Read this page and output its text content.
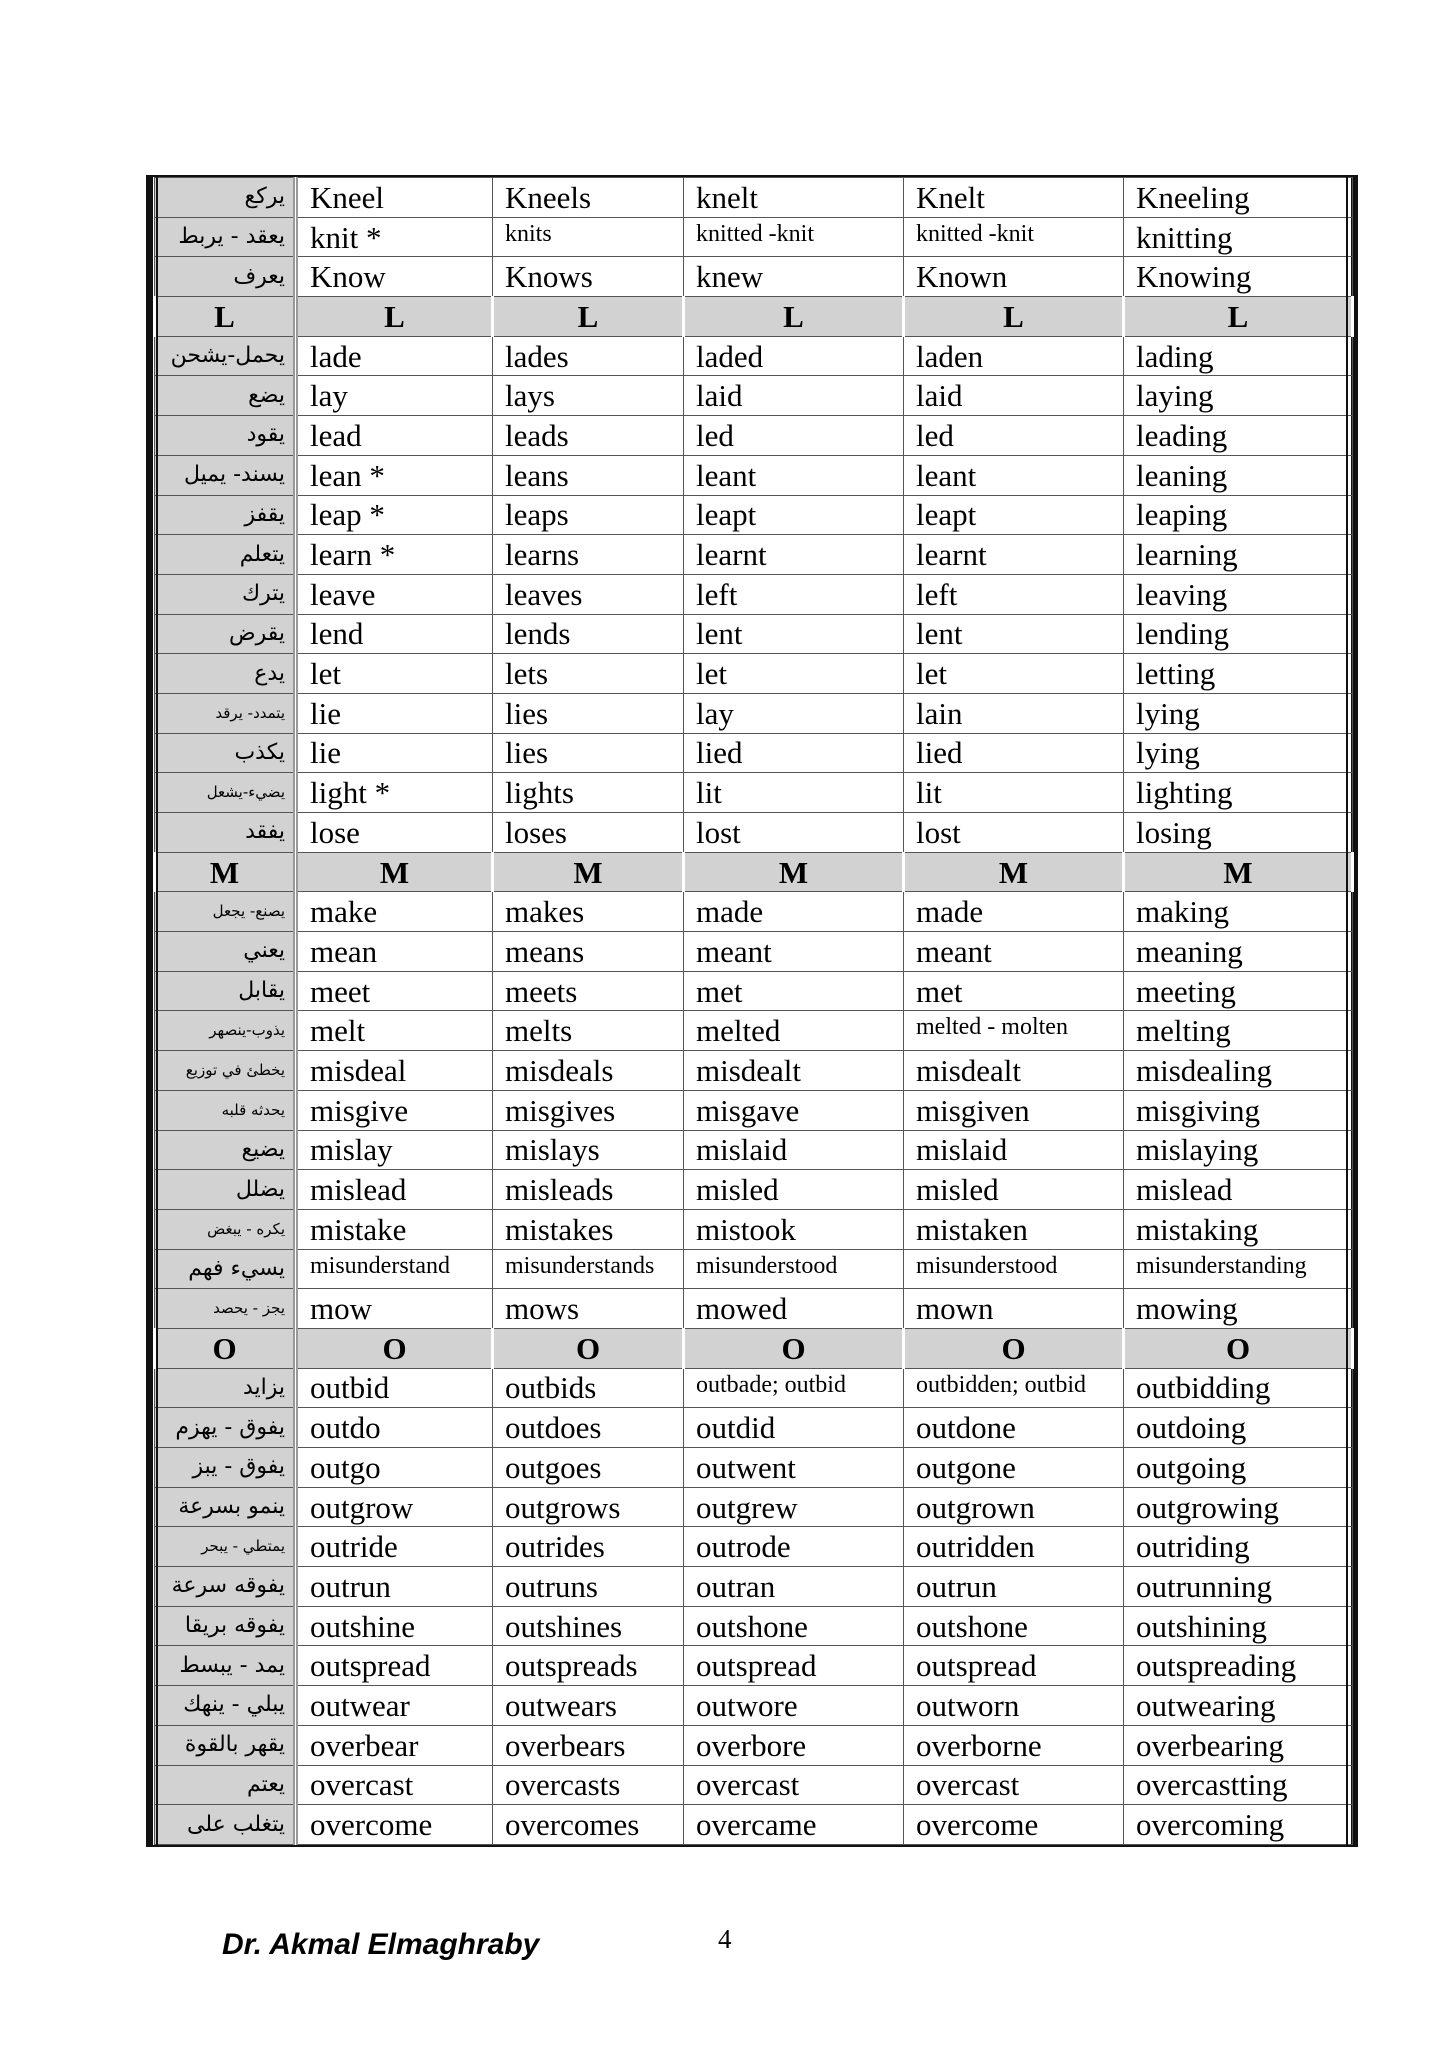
يركع	Kneel	Kneels	knelt	Knelt	Kneeling
يعقد - يربط	knit *	knits	knitted -knit	knitted -knit	knitting
يعرف	Know	Knows	knew	Known	Knowing
L	L	L	L	L	L
يحمل-يشحن	lade	lades	laded	laden	lading
يضع	lay	lays	laid	laid	laying
يقود	lead	leads	led	led	leading
يسند- يميل	lean *	leans	leant	leant	leaning
يقفز	leap *	leaps	leapt	leapt	leaping
يتعلم	learn *	learns	learnt	learnt	learning
يترك	leave	leaves	left	left	leaving
يقرض	lend	lends	lent	lent	lending
يدع	let	lets	let	let	letting
يتمدد- يرقد	lie	lies	lay	lain	lying
يكذب	lie	lies	lied	lied	lying
يضيء-يشعل	light *	lights	lit	lit	lighting
يفقد	lose	loses	lost	lost	losing
M	M	M	M	M	M
يصنع- يجعل	make	makes	made	made	making
يعني	mean	means	meant	meant	meaning
يقابل	meet	meets	met	met	meeting
يذوب-ينصهر	melt	melts	melted	melted - molten	melting
يخطئ في توزيع	misdeal	misdeals	misdealt	misdealt	misdealing
يحدثه قلبه	misgive	misgives	misgave	misgiven	misgiving
يضيع	mislay	mislays	mislaid	mislaid	mislaying
يضلل	mislead	misleads	misled	misled	mislead
يكره - يبغض	mistake	mistakes	mistook	mistaken	mistaking
يسيء فهم	misunderstand	misunderstands	misunderstood	misunderstood	misunderstanding
يجز - يحصد	mow	mows	mowed	mown	mowing
O	O	O	O	O	O
يزايد	outbid	outbids	outbade; outbid	outbidden; outbid	outbidding
يفوق - يهزم	outdo	outdoes	outdid	outdone	outdoing
يفوق - يبز	outgo	outgoes	outwent	outgone	outgoing
ينمو بسرعة	outgrow	outgrows	outgrew	outgrown	outgrowing
يمتطي - يبحر	outride	outrides	outrode	outridden	outriding
يفوقه سرعة	outrun	outruns	outran	outrun	outrunning
يفوقه بريقا	outshine	outshines	outshone	outshone	outshining
يمد - يبسط	outspread	outspreads	outspread	outspread	outspreading
يبلي - ينهك	outwear	outwears	outwore	outworn	outwearing
يقهر بالقوة	overbear	overbears	overbore	overborne	overbearing
يعتم	overcast	overcasts	overcast	overcast	overcastting
يتغلب على	overcome	overcomes	overcame	overcome	overcoming
Dr. Akmal Elmaghraby	4
